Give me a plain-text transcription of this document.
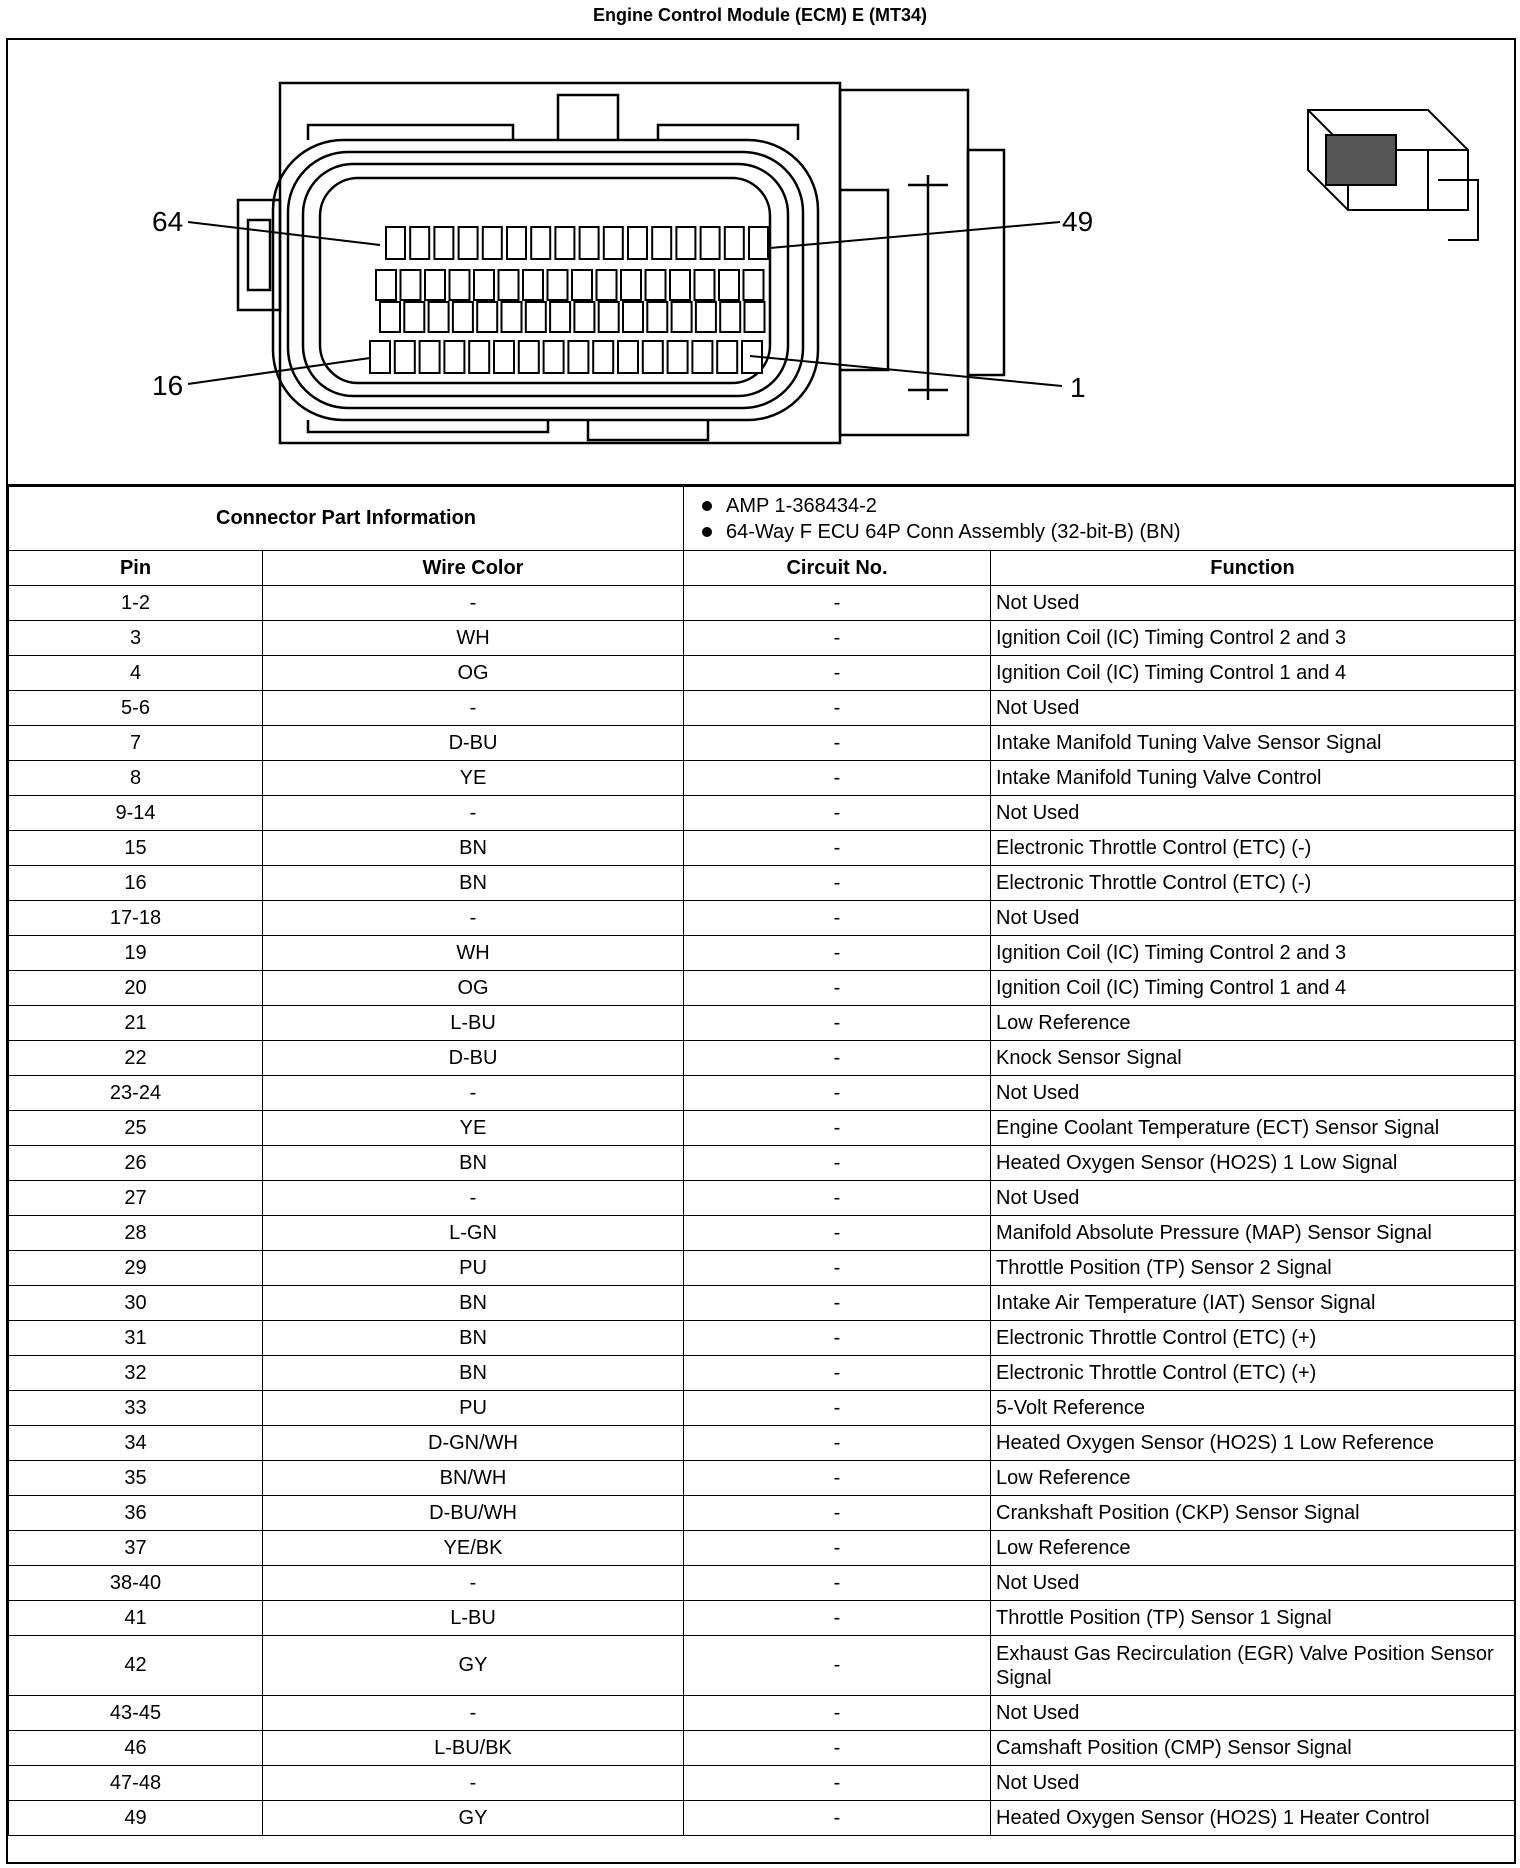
Engine Control Module (ECM) E (MT34)
64	49
16	1
Connector Part Information		AMP 1-368434-2
64-Way F ECU 64P Conn Assembly (32-bit-B) (BN)	

Pin	Wire Color	Circuit No.	Function
1-2	-	-	Not Used
3	WH	-	Ignition Coil (IC) Timing Control 2 and 3
4	OG	-	Ignition Coil (IC) Timing Control 1 and 4
5-6	-	-	Not Used
7	D-BU	-	Intake Manifold Tuning Valve Sensor Signal
8	YE	-	Intake Manifold Tuning Valve Control
9-14	-	-	Not Used
15	BN	-	Electronic Throttle Control (ETC) (-)
16	BN	-	Electronic Throttle Control (ETC) (-)
17-18	-	-	Not Used
19	WH	-	Ignition Coil (IC) Timing Control 2 and 3
20	OG	-	Ignition Coil (IC) Timing Control 1 and 4
21	L-BU	-	Low Reference
22	D-BU	-	Knock Sensor Signal
23-24	-	-	Not Used
25	YE	-	Engine Coolant Temperature (ECT) Sensor Signal
26	BN	-	Heated Oxygen Sensor (HO2S) 1 Low Signal
27	-	-	Not Used
28	L-GN	-	Manifold Absolute Pressure (MAP) Sensor Signal
29	PU	-	Throttle Position (TP) Sensor 2 Signal
30	BN	-	Intake Air Temperature (IAT) Sensor Signal
31	BN	-	Electronic Throttle Control (ETC) (+)
32	BN	-	Electronic Throttle Control (ETC) (+)
33	PU	-	5-Volt Reference
34	D-GN/WH	-	Heated Oxygen Sensor (HO2S) 1 Low Reference
35	BN/WH	-	Low Reference
36	D-BU/WH	-	Crankshaft Position (CKP) Sensor Signal
37	YE/BK	-	Low Reference
38-40	-	-	Not Used
41	L-BU	-	Throttle Position (TP) Sensor 1 Signal
42	GY	-	Exhaust Gas Recirculation (EGR) Valve Position Sensor Signal
43-45	-	-	Not Used
46	L-BU/BK	-	Camshaft Position (CMP) Sensor Signal
47-48	-	-	Not Used
49	GY	-	Heated Oxygen Sensor (HO2S) 1 Heater Control
